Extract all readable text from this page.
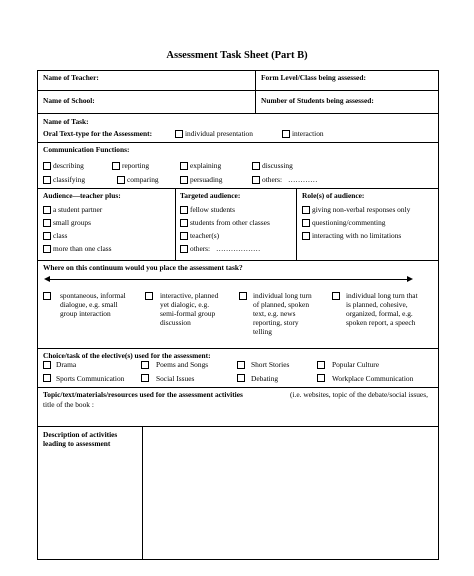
Assessment Task Sheet (Part B)
Name of Teacher:	Form Level/Class being assessed:
Name of School:	Number of Students being assessed:
Name of Task:
Oral Text-type for the Assessment:	individual presentation	interaction
Communication Functions:
describing	reporting	explaining	discussing
classifying	comparing	persuading	others: …………
Audience—teacher plus:
a student partner
small groups
class
more than one class
Targeted audience:
fellow students
students from other classes
teacher(s)
others: ………………
Role(s) of audience:
giving non-verbal responses only
questioning/commenting
interacting with no limitations
Where on this continuum would you place the assessment task?
spontaneous, informal
dialogue, e.g. small
group interaction
interactive, planned
yet dialogic, e.g.
semi-formal group
discussion
individual long turn
of planned, spoken
text, e.g. news
reporting, story
telling
individual long turn that
is planned, cohesive,
organized, formal, e.g.
spoken report, a speech
Choice/task of the elective(s) used for the assessment:
Drama	Poems and Songs	Short Stories	Popular Culture
Sports Communication	Social Issues	Debating	Workplace Communication
Topic/text/materials/resources used for the assessment activities	(i.e. websites, topic of the debate/social issues,
title of the book :
Description of activities
leading to assessment
